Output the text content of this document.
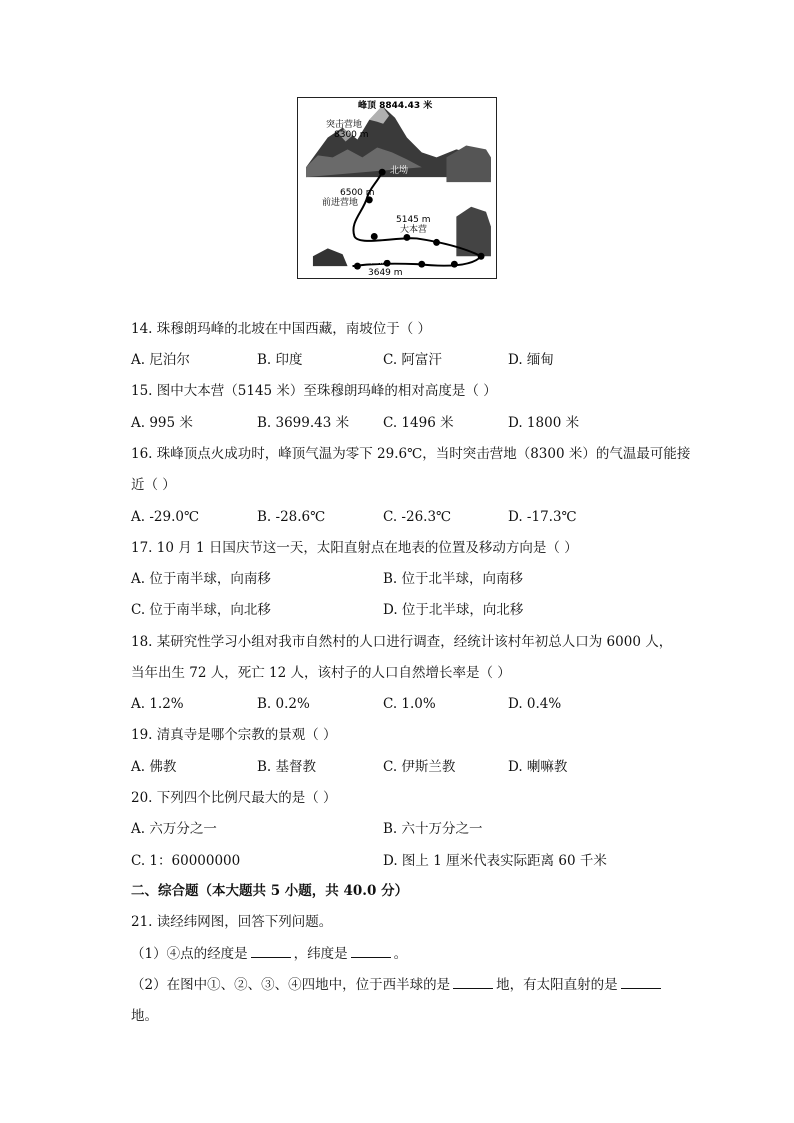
峰顶 8844.43 米
突击营地
8300 m
北坳
6500 m
前进营地
5145 m
大本营
拉萨
3649 m
14. 珠穆朗玛峰的北坡在中国西藏，南坡位于（ ）
A. 尼泊尔	B. 印度	C. 阿富汗	D. 缅甸
15. 图中大本营（5145 米）至珠穆朗玛峰的相对高度是（ ）
A. 995 米	B. 3699.43 米	C. 1496 米	D. 1800 米
16. 珠峰顶点火成功时，峰顶气温为零下 29.6℃，当时突击营地（8300 米）的气温最可能接
近（ ）
A. -29.0℃	B. -28.6℃	C. -26.3℃	D. -17.3℃
17. 10 月 1 日国庆节这一天，太阳直射点在地表的位置及移动方向是（ ）
A. 位于南半球，向南移	B. 位于北半球，向南移
C. 位于南半球，向北移	D. 位于北半球，向北移
18. 某研究性学习小组对我市自然村的人口进行调查，经统计该村年初总人口为 6000 人，
当年出生 72 人，死亡 12 人，该村子的人口自然增长率是（ ）
A. 1.2%	B. 0.2%	C. 1.0%	D. 0.4%
19. 清真寺是哪个宗教的景观（ ）
A. 佛教	B. 基督教	C. 伊斯兰教	D. 喇嘛教
20. 下列四个比例尺最大的是（ ）
A. 六万分之一	B. 六十万分之一
C. 1：60000000	D. 图上 1 厘米代表实际距离 60 千米
二、综合题（本大题共 5 小题，共 40.0 分）
21. 读经纬网图，回答下列问题。
（1）④点的经度是	，纬度是	。
（2）在图中①、②、③、④四地中，位于西半球的是	地，有太阳直射的是
地。
